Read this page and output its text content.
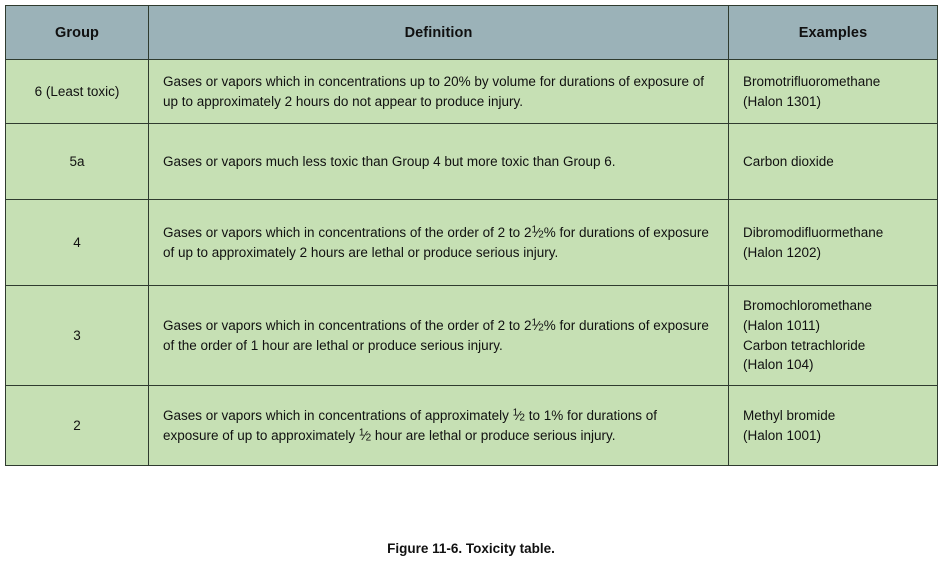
Group	Definition	Examples
6 (Least toxic)	Gases or vapors which in concentrations up to 20% by volume for durations of exposure of up to approximately 2 hours do not appear to produce injury.	Bromotrifluoromethane
(Halon 1301)

5a	Gases or vapors much less toxic than Group 4 but more toxic than Group 6.	Carbon dioxide

4	Gases or vapors which in concentrations of the order of 2 to $2^1⁄2\%$ for durations of exposure of up to approximately 2 hours are lethal or produce serious injury.	Dibromodifluormethane
(Halon 1202)

3	Gases or vapors which in concentrations of the order of 2 to $2^1⁄2\%$ for durations of exposure of the order of 1 hour are lethal or produce serious injury.	Bromochloromethane
(Halon 1011)
Carbon tetrachloride
(Halon 104)

2	Gases or vapors which in concentrations of approximately $^1$⁄2 to 1% for durations of exposure of up to approximately $^1$⁄2 hour are lethal or produce serious injury.	Methyl bromide
(Halon 1001)
Figure 11-6. Toxicity table.
